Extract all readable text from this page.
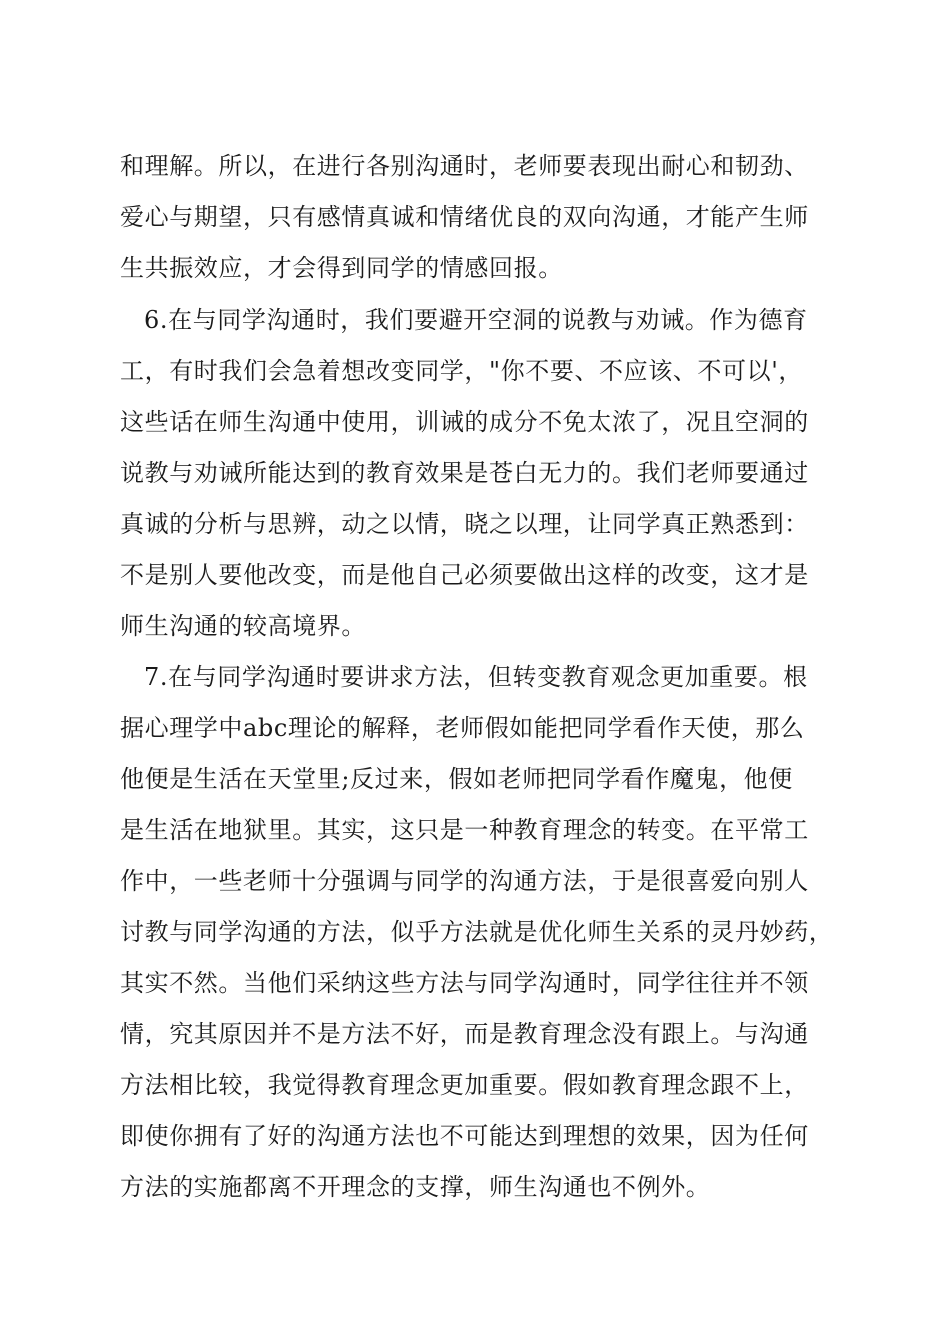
和理解。所以，在进行各别沟通时，老师要表现出耐心和韧劲、
爱心与期望，只有感情真诚和情绪优良的双向沟通，才能产生师
生共振效应，才会得到同学的情感回报。
6.在与同学沟通时，我们要避开空洞的说教与劝诫。作为德育
工，有时我们会急着想改变同学，"你不要、不应该、不可以'，
这些话在师生沟通中使用，训诫的成分不免太浓了，况且空洞的
说教与劝诫所能达到的教育效果是苍白无力的。我们老师要通过
真诚的分析与思辨，动之以情，晓之以理，让同学真正熟悉到：
不是别人要他改变，而是他自己必须要做出这样的改变，这才是
师生沟通的较高境界。
7.在与同学沟通时要讲求方法，但转变教育观念更加重要。根
据心理学中abc理论的解释，老师假如能把同学看作天使，那么
他便是生活在天堂里;反过来，假如老师把同学看作魔鬼，他便
是生活在地狱里。其实，这只是一种教育理念的转变。在平常工
作中，一些老师十分强调与同学的沟通方法，于是很喜爱向别人
讨教与同学沟通的方法，似乎方法就是优化师生关系的灵丹妙药，
其实不然。当他们采纳这些方法与同学沟通时，同学往往并不领
情，究其原因并不是方法不好，而是教育理念没有跟上。与沟通
方法相比较，我觉得教育理念更加重要。假如教育理念跟不上，
即使你拥有了好的沟通方法也不可能达到理想的效果，因为任何
方法的实施都离不开理念的支撑，师生沟通也不例外。
